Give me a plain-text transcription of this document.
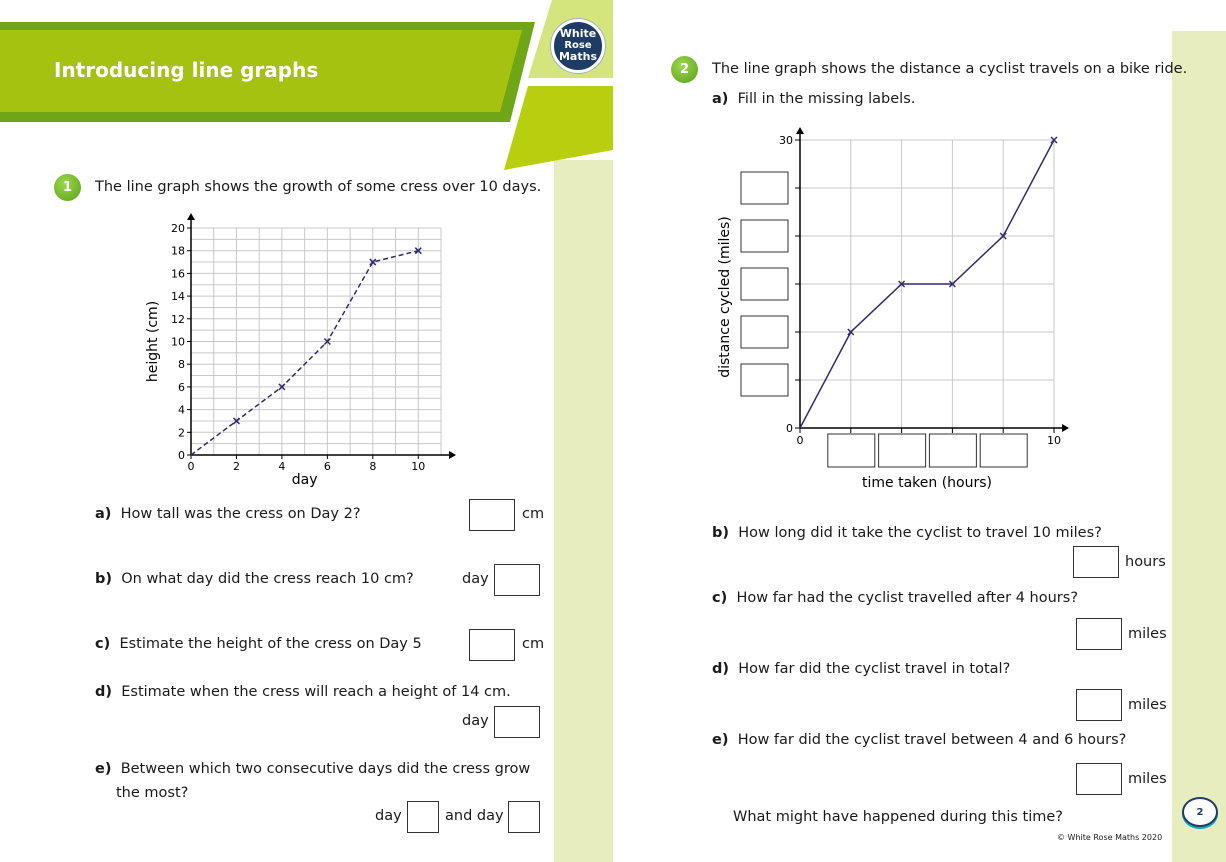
Introducing line graphs
White
Rose
Maths
1	The line graph shows the growth of some cress over 10 days.
0
2
4
6
8
10
12
14
16
18
20
0	2	4	6	8	10
day
height (cm)
a) How tall was the cress on Day 2?	cm
b) On what day did the cress reach 10 cm?	day
c) Estimate the height of the cress on Day 5	cm
d) Estimate when the cress will reach a height of 14 cm.
day
e) Between which two consecutive days did the cress grow
the most?
day	and day
2	The line graph shows the distance a cyclist travels on a bike ride.
a) Fill in the missing labels.
0
30
0	10
time taken (hours)
distance cycled (miles)
b) How long did it take the cyclist to travel 10 miles?
hours
c) How far had the cyclist travelled after 4 hours?
miles
d) How far did the cyclist travel in total?
miles
e) How far did the cyclist travel between 4 and 6 hours?
miles
What might have happened during this time?
© White Rose Maths 2020
2
